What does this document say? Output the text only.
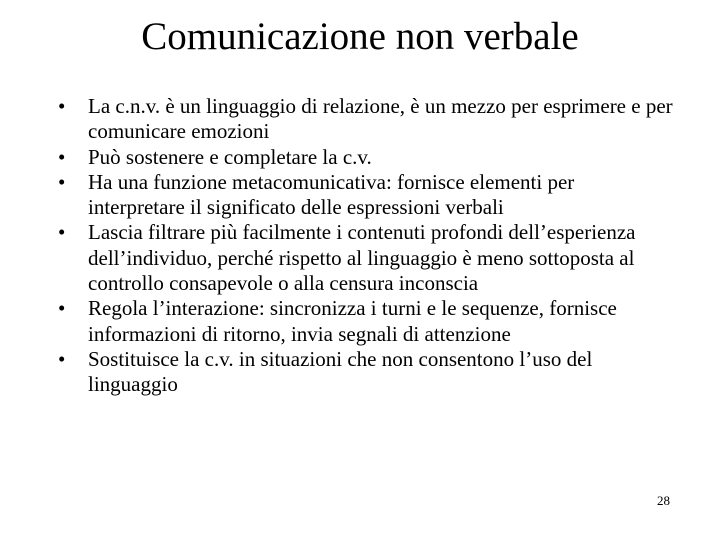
Comunicazione non verbale
• La c.n.v. è un linguaggio di relazione, è un mezzo per esprimere e per comunicare emozioni
• Può sostenere e completare la c.v.
• Ha una funzione metacomunicativa: fornisce elementi per interpretare il significato delle espressioni verbali
• Lascia filtrare più facilmente i contenuti profondi dell’esperienza dell’individuo, perché rispetto al linguaggio è meno sottoposta al controllo consapevole o alla censura inconscia
• Regola l’interazione: sincronizza i turni e le sequenze, fornisce informazioni di ritorno, invia segnali di attenzione
• Sostituisce la c.v. in situazioni che non consentono l’uso del linguaggio
28
